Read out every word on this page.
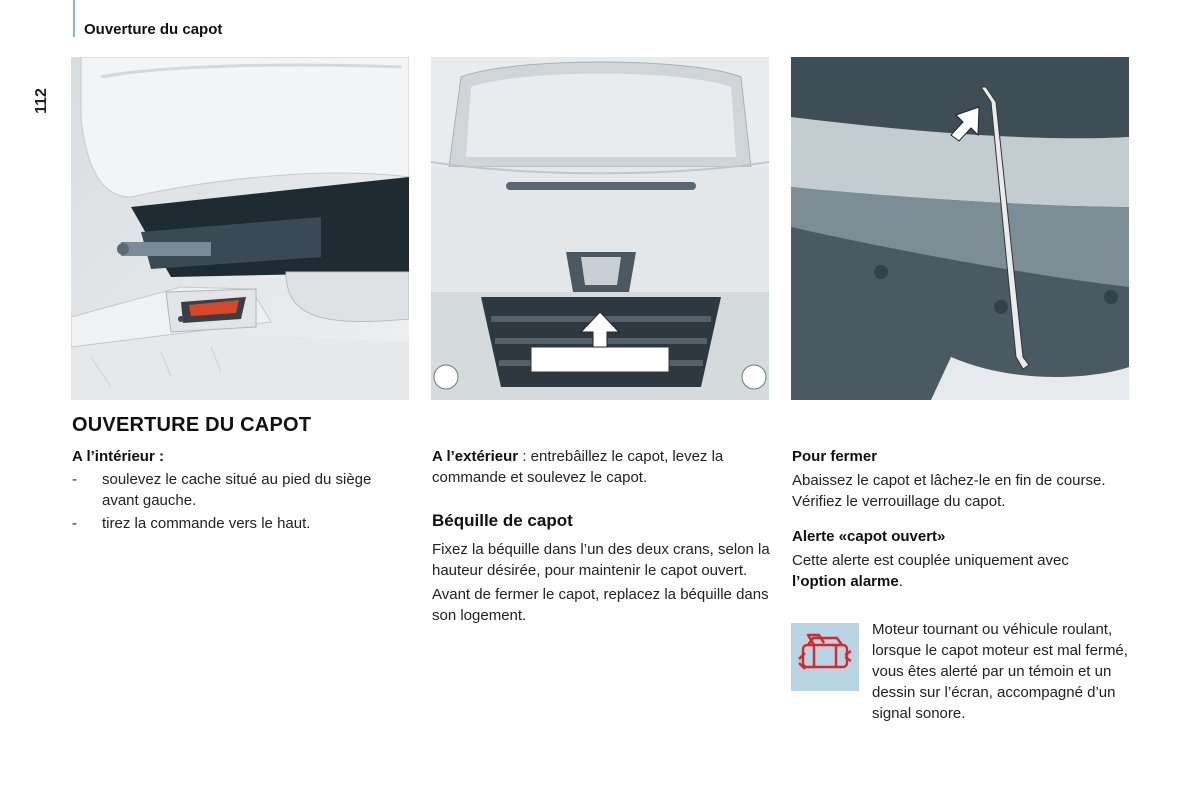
Ouverture du capot
112
OUVERTURE DU CAPOT
A l’intérieur :
- soulevez le cache situé au pied du siège avant gauche.
- tirez la commande vers le haut.

A l’extérieur : entrebâillez le capot, levez la commande et soulevez le capot.

Béquille de capot

Fixez la béquille dans l’un des deux crans, selon la hauteur désirée, pour maintenir le capot ouvert.

Avant de fermer le capot, replacez la béquille dans son logement.

Pour fermer

Abaissez le capot et lâchez-le en fin de course. Vérifiez le verrouillage du capot.

Alerte «capot ouvert»

Cette alerte est couplée uniquement avec l’option alarme.

Moteur tournant ou véhicule roulant, lorsque le capot moteur est mal fermé, vous êtes alerté par un témoin et un dessin sur l’écran, accompagné d’un signal sonore.
